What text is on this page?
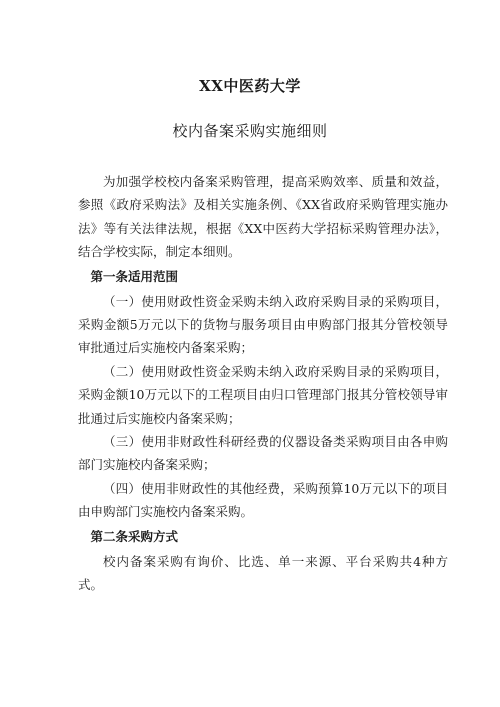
XX中医药大学
校内备案采购实施细则

为加强学校校内备案采购管理，提高采购效率、质量和效益，参照《政府采购法》及相关实施条例、《XX省政府采购管理实施办法》等有关法律法规，根据《XX中医药大学招标采购管理办法》，结合学校实际，制定本细则。

第一条适用范围

（一）使用财政性资金采购未纳入政府采购目录的采购项目，采购金额5万元以下的货物与服务项目由申购部门报其分管校领导审批通过后实施校内备案采购；

（二）使用财政性资金采购未纳入政府采购目录的采购项目，采购金额10万元以下的工程项目由归口管理部门报其分管校领导审批通过后实施校内备案采购；

（三）使用非财政性科研经费的仪器设备类采购项目由各申购部门实施校内备案采购；

（四）使用非财政性的其他经费，采购预算10万元以下的项目由申购部门实施校内备案采购。

第二条采购方式

校内备案采购有询价、比选、单一来源、平台采购共4种方式。
